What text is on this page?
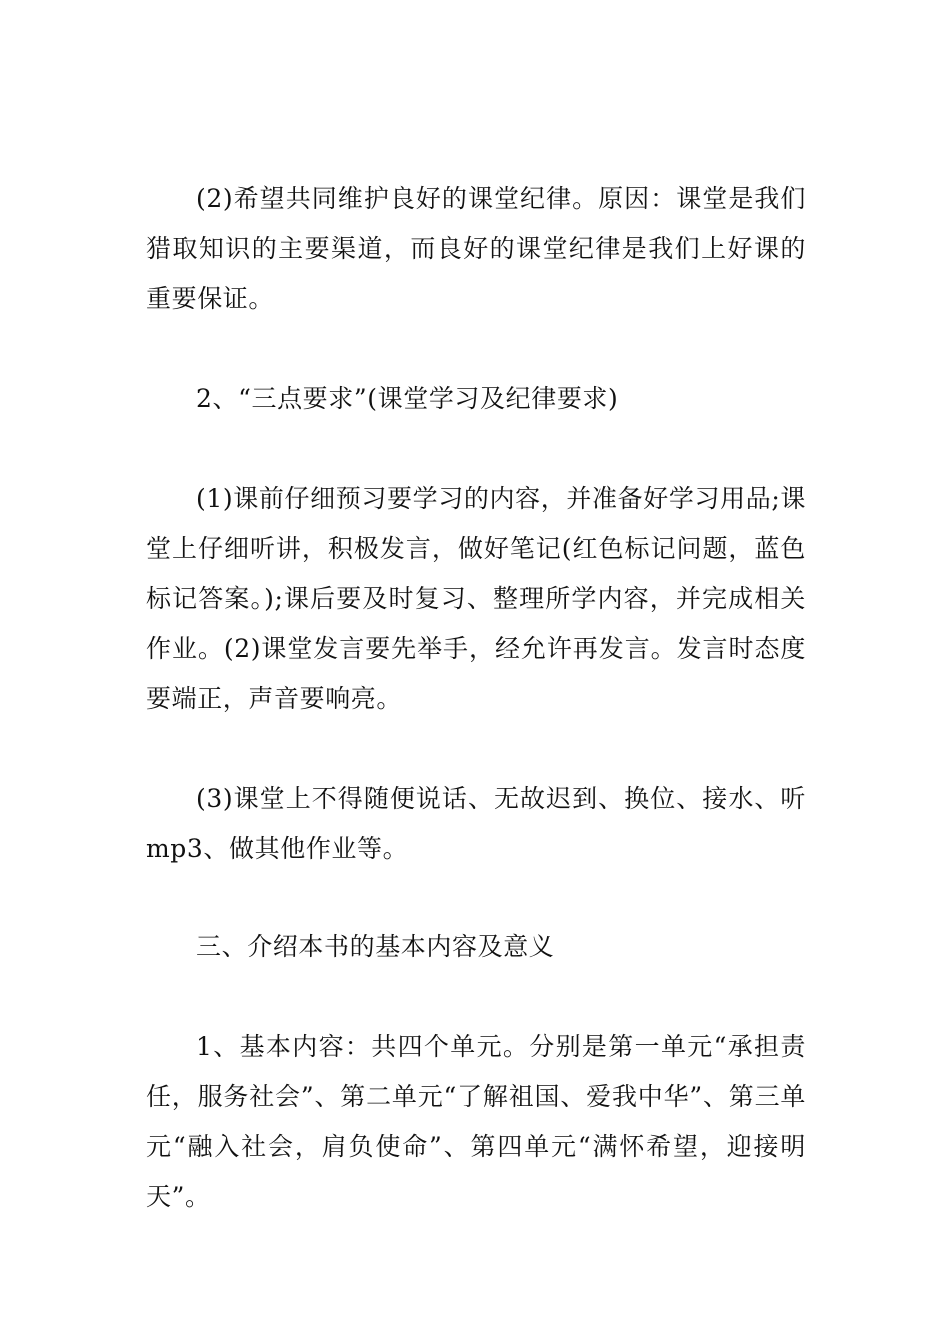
(2)希望共同维护良好的课堂纪律。原因：课堂是我们猎取知识的主要渠道，而良好的课堂纪律是我们上好课的重要保证。

2、“三点要求”(课堂学习及纪律要求)

(1)课前仔细预习要学习的内容，并准备好学习用品;课堂上仔细听讲，积极发言，做好笔记(红色标记问题，蓝色标记答案。);课后要及时复习、整理所学内容，并完成相关作业。(2)课堂发言要先举手，经允许再发言。发言时态度要端正，声音要响亮。

(3)课堂上不得随便说话、无故迟到、换位、接水、听mp3、做其他作业等。

三、介绍本书的基本内容及意义

1、基本内容：共四个单元。分别是第一单元“承担责任，服务社会”、第二单元“了解祖国、爱我中华”、第三单元“融入社会，肩负使命”、第四单元“满怀希望，迎接明天”。
